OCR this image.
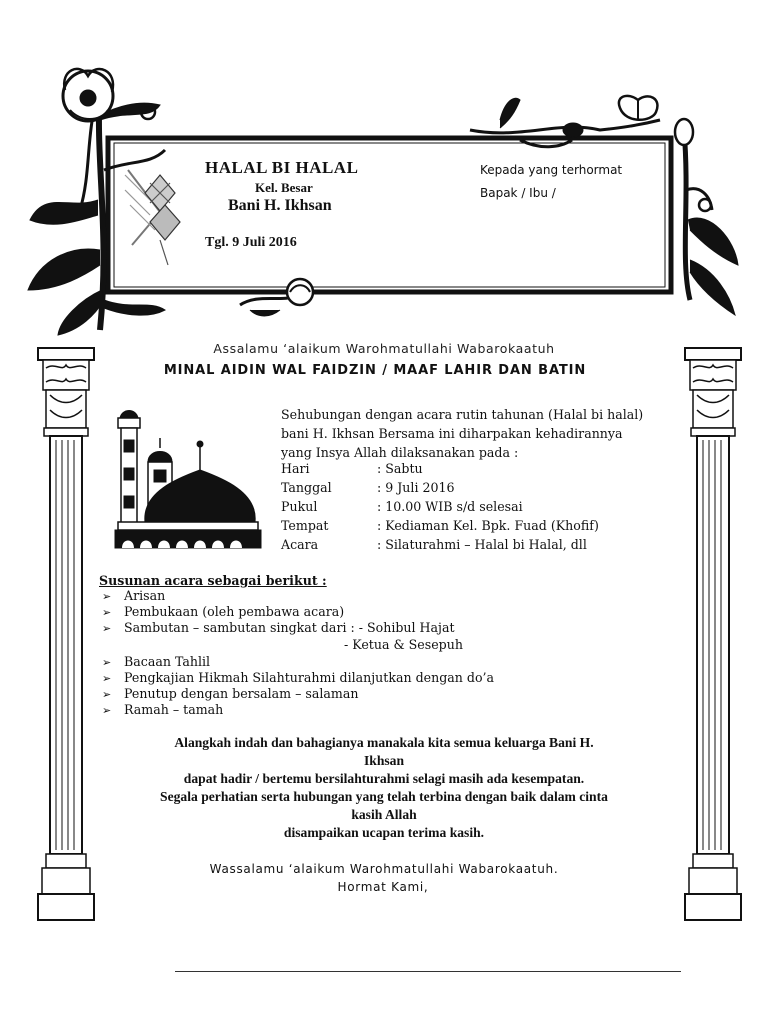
HALAL BI HALAL
Kel. Besar
Bani H. Ikhsan
Tgl. 9 Juli 2016
Kepada yang terhormat
Bapak / Ibu /
Assalamu ‘alaikum Warohmatullahi Wabarokaatuh
MINAL AIDIN WAL FAIDZIN / MAAF LAHIR DAN BATIN
Sehubungan dengan acara rutin tahunan (Halal bi halal)
bani H. Ikhsan Bersama ini diharpakan kehadirannya
yang Insya Allah dilaksanakan pada :
Hari	: Sabtu
Tanggal	: 9 Juli 2016
Pukul	: 10.00 WIB s/d selesai
Tempat	: Kediaman Kel. Bpk. Fuad (Khofif)
Acara	: Silaturahmi – Halal bi Halal, dll
Susunan acara sebagai berikut :
➢ Arisan
➢ Pembukaan (oleh pembawa acara)
➢ Sambutan – sambutan singkat dari : - Sohibul Hajat
- Ketua & Sesepuh
➢ Bacaan Tahlil
➢ Pengkajian Hikmah Silahturahmi dilanjutkan dengan do’a
➢ Penutup dengan bersalam – salaman
➢ Ramah – tamah
Alangkah indah dan bahagianya manakala kita semua keluarga Bani H.
Ikhsan
dapat hadir / bertemu bersilahturahmi selagi masih ada kesempatan.
Segala perhatian serta hubungan yang telah terbina dengan baik dalam cinta
kasih Allah
disampaikan ucapan terima kasih.
Wassalamu ‘alaikum Warohmatullahi Wabarokaatuh.
Hormat Kami,
